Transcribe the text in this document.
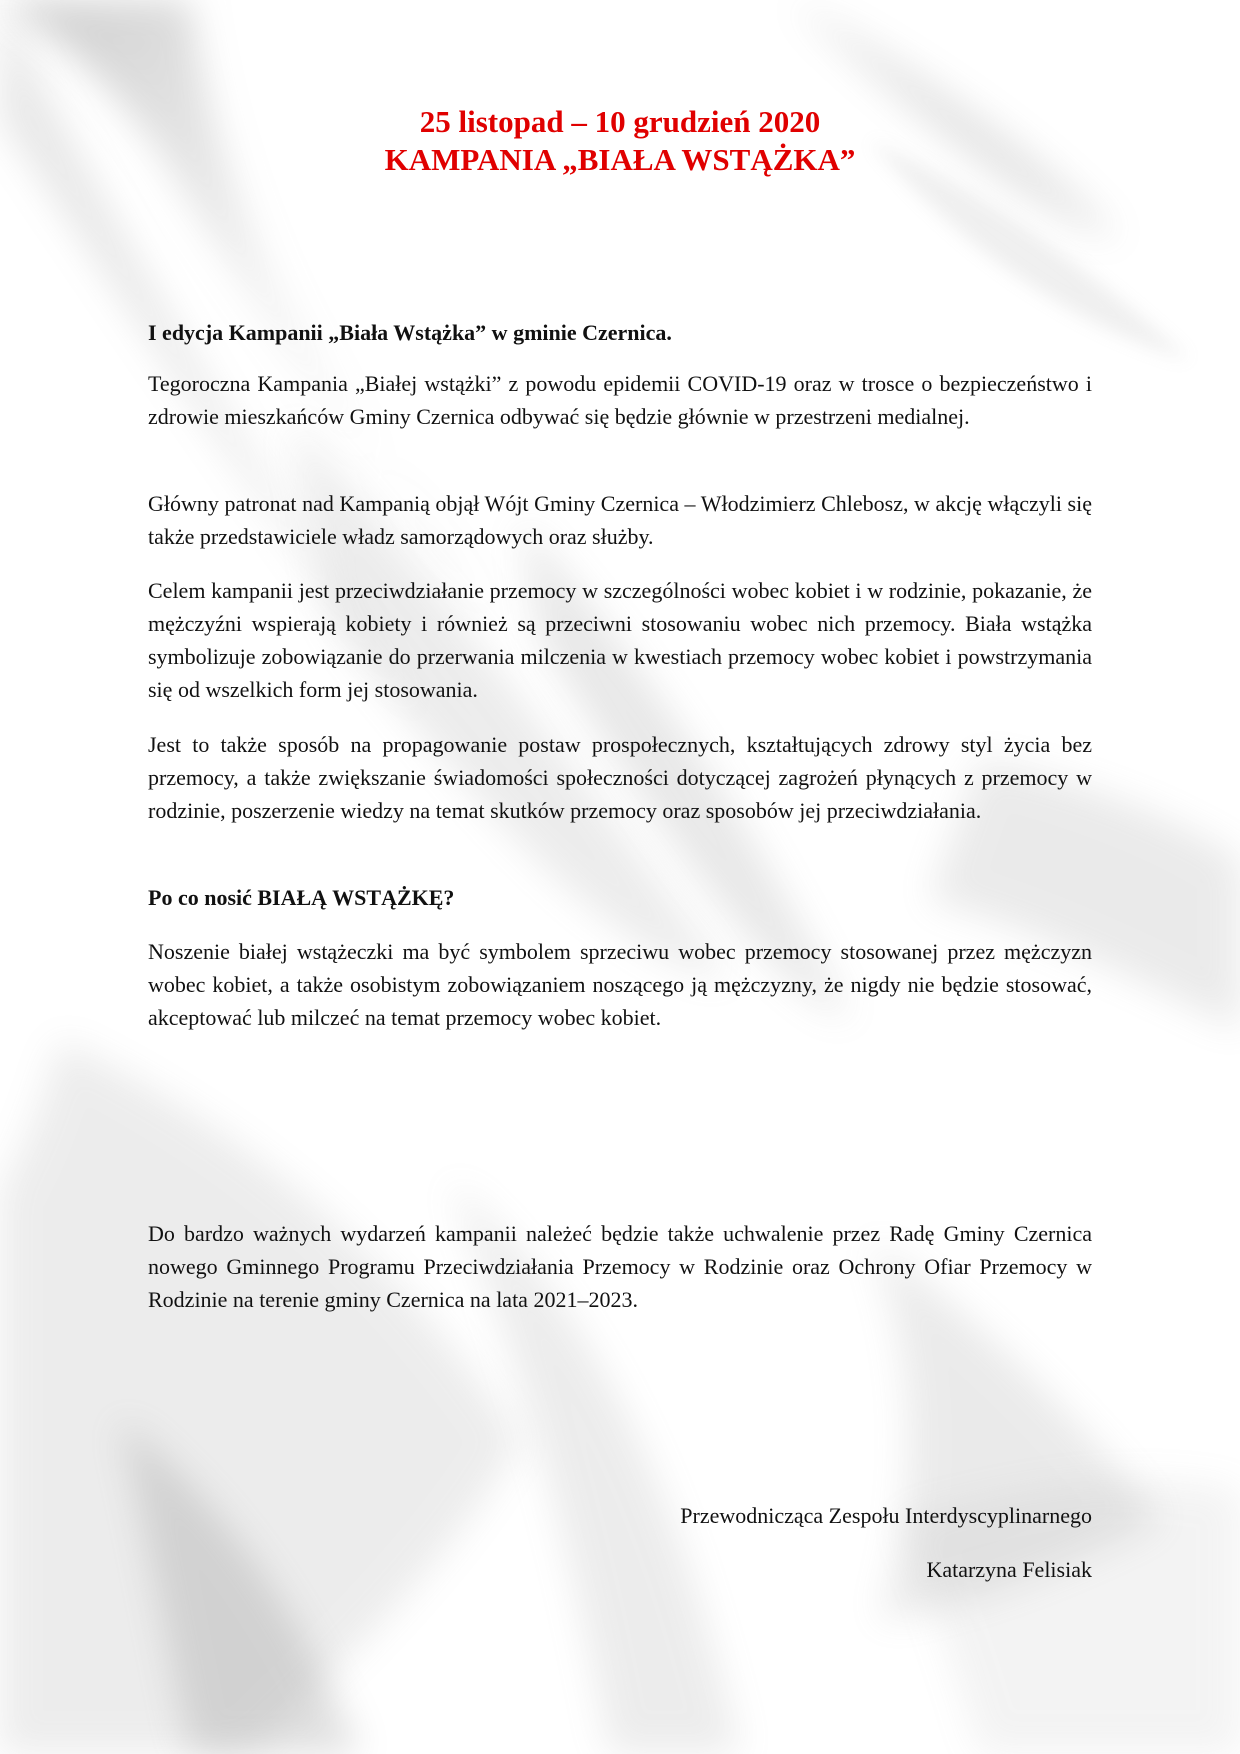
25 listopad – 10 grudzień 2020
KAMPANIA „BIAŁA WSTĄŻKA”

I edycja Kampanii „Biała Wstążka” w gminie Czernica.

Tegoroczna Kampania „Białej wstążki” z powodu epidemii COVID-19 oraz w trosce o bezpieczeństwo i zdrowie mieszkańców Gminy Czernica odbywać się będzie głównie w przestrzeni medialnej.

Główny patronat nad Kampanią objął Wójt Gminy Czernica – Włodzimierz Chlebosz, w akcję włączyli się także przedstawiciele władz samorządowych oraz służby.

Celem kampanii jest przeciwdziałanie przemocy w szczególności wobec kobiet i w rodzinie, pokazanie, że mężczyźni wspierają kobiety i również są przeciwni stosowaniu wobec nich przemocy. Biała wstążka symbolizuje zobowiązanie do przerwania milczenia w kwestiach przemocy wobec kobiet i powstrzymania się od wszelkich form jej stosowania.

Jest to także sposób na propagowanie postaw prospołecznych, kształtujących zdrowy styl życia bez przemocy, a także zwiększanie świadomości społeczności dotyczącej zagrożeń płynących z przemocy w rodzinie, poszerzenie wiedzy na temat skutków przemocy oraz sposobów jej przeciwdziałania.

Po co nosić BIAŁĄ WSTĄŻKĘ?

Noszenie białej wstążeczki ma być symbolem sprzeciwu wobec przemocy stosowanej przez mężczyzn wobec kobiet, a także osobistym zobowiązaniem noszącego ją mężczyzny, że nigdy nie będzie stosować, akceptować lub milczeć na temat przemocy wobec kobiet.

Do bardzo ważnych wydarzeń kampanii należeć będzie także uchwalenie przez Radę Gminy Czernica nowego Gminnego Programu Przeciwdziałania Przemocy w Rodzinie oraz Ochrony Ofiar Przemocy w Rodzinie na terenie gminy Czernica na lata 2021–2023.

Przewodnicząca Zespołu Interdyscyplinarnego

Katarzyna Felisiak
